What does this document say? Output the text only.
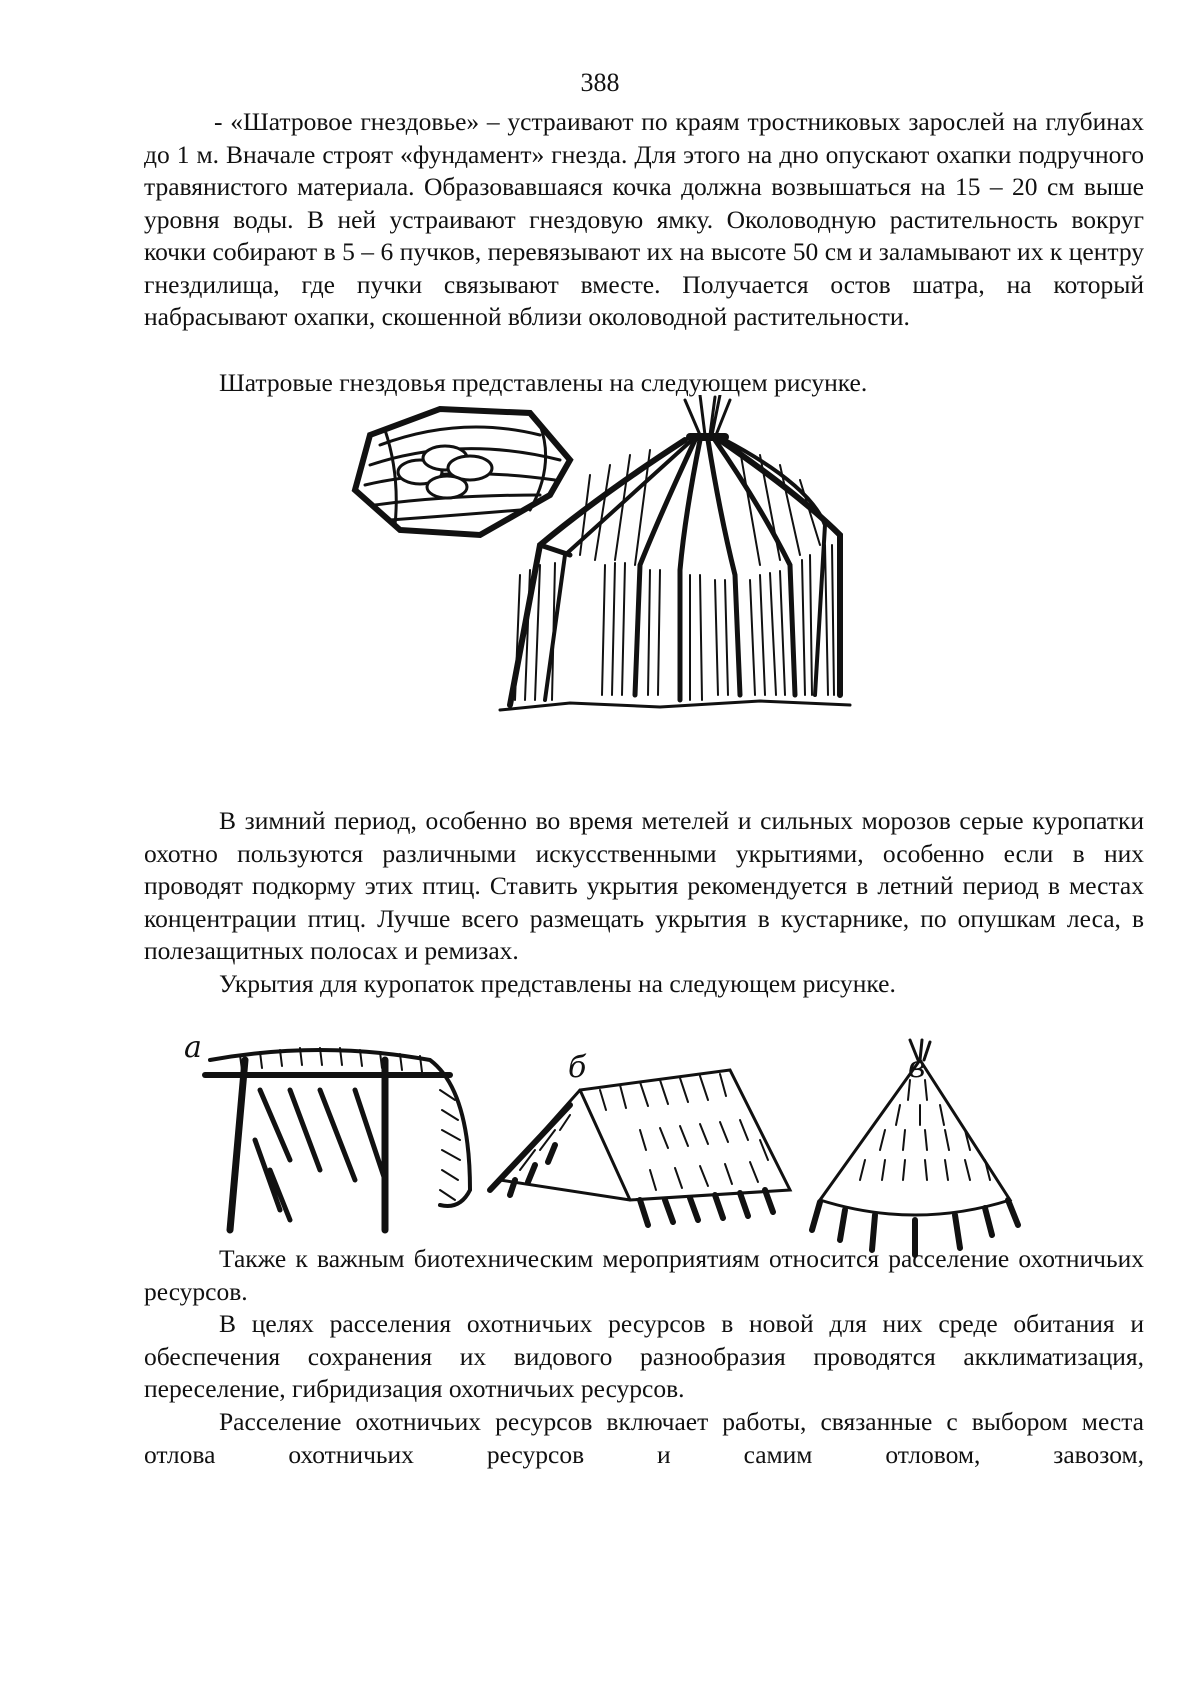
388

- «Шатровое гнездовье» – устраивают по краям тростниковых зарослей на глубинах до 1 м. Вначале строят «фундамент» гнезда. Для этого на дно опускают охапки подручного травянистого материала. Образовавшаяся кочка должна возвышаться на 15 – 20 см выше уровня воды. В ней устраивают гнездовую ямку. Околоводную растительность вокруг кочки собирают в 5 – 6 пучков, перевязывают их на высоте 50 см и заламывают их к центру гнездилища, где пучки связывают вместе. Получается остов шатра, на который набрасывают охапки, скошенной вблизи околоводной растительности.

Шатровые гнездовья представлены на следующем рисунке.

В зимний период, особенно во время метелей и сильных морозов серые куропатки охотно пользуются различными искусственными укрытиями, особенно если в них проводят подкорму этих птиц. Ставить укрытия рекомендуется в летний период в местах концентрации птиц. Лучше всего размещать укрытия в кустарнике, по опушкам леса, в полезащитных полосах и ремизах.

Укрытия для куропаток представлены на следующем рисунке.

а
б	в

Также к важным биотехническим мероприятиям относится расселение охотничьих ресурсов.

В целях расселения охотничьих ресурсов в новой для них среде обитания и обеспечения сохранения их видового разнообразия проводятся акклиматизация, переселение, гибридизация охотничьих ресурсов.

Расселение охотничьих ресурсов включает работы, связанные с выбором места отлова охотничьих ресурсов и самим отловом, завозом,
